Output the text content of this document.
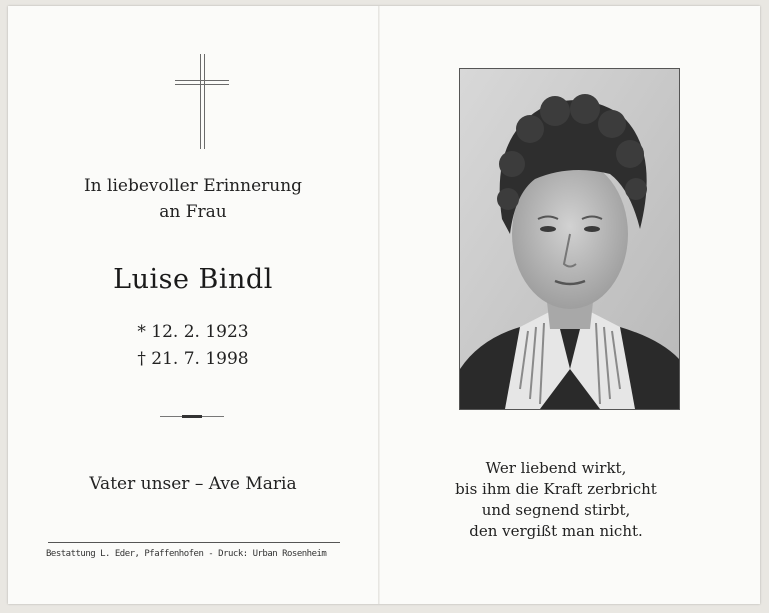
In liebevoller Erinnerung
an Frau
Luise Bindl
* 12. 2. 1923
† 21. 7. 1998
Vater unser – Ave Maria
Bestattung L. Eder, Pfaffenhofen - Druck: Urban Rosenheim
Wer liebend wirkt,
bis ihm die Kraft zerbricht
und segnend stirbt,
den vergißt man nicht.
